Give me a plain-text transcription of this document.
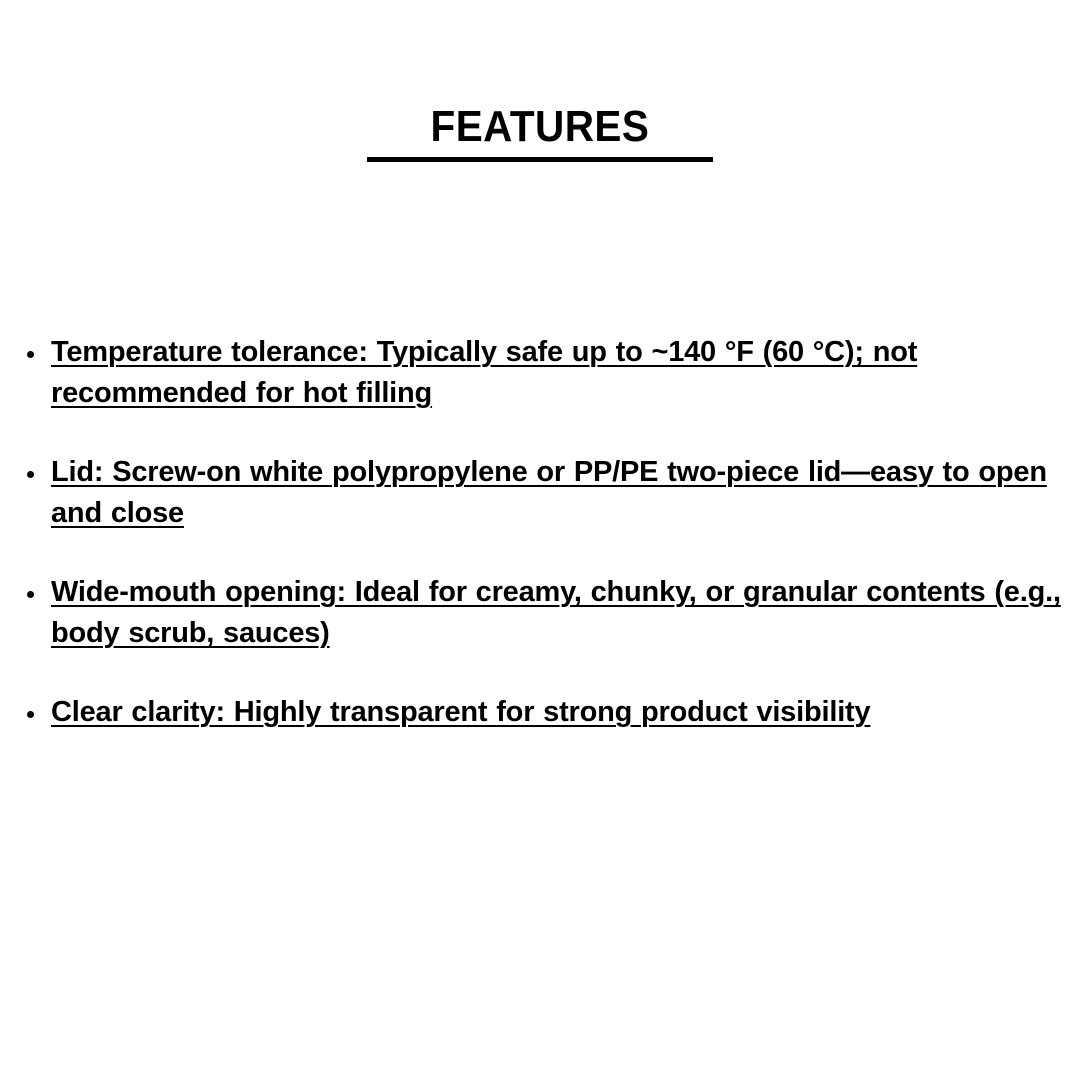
FEATURES
Temperature tolerance: Typically safe up to ~140 °F (60 °C); not recommended for hot filling
Lid: Screw-on white polypropylene or PP/PE two-piece lid—easy to open and close
Wide-mouth opening: Ideal for creamy, chunky, or granular contents (e.g., body scrub, sauces)
Clear clarity: Highly transparent for strong product visibility
